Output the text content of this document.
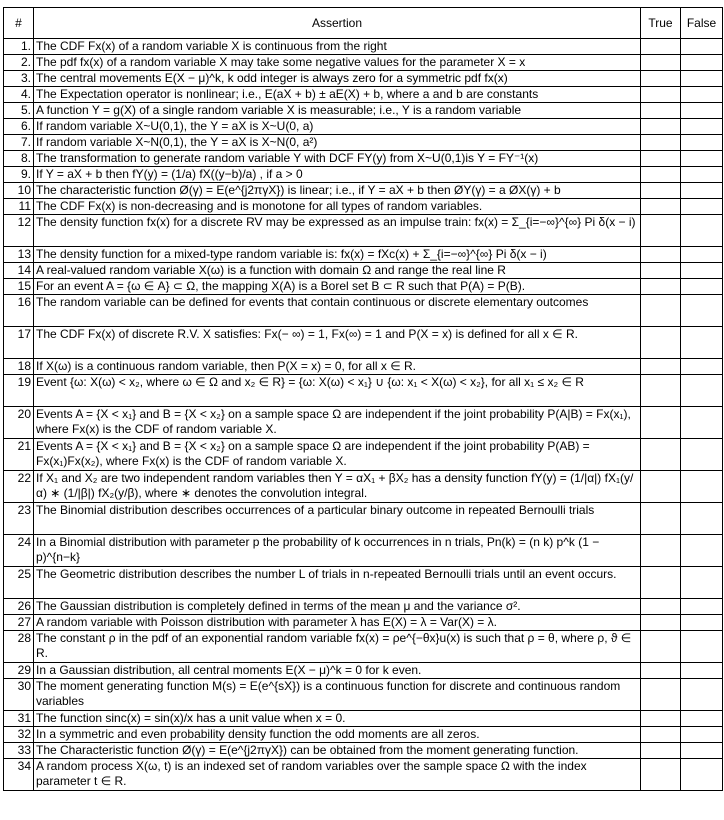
#	Assertion	True	False
1.	The CDF Fx(x) of a random variable X is continuous from the right		
2.	The pdf fx(x) of a random variable X may take some negative values for the parameter X = x		
3.	The central movements E(X − μ)^k, k odd integer is always zero for a symmetric pdf fx(x)		
4.	The Expectation operator is nonlinear; i.e., E(aX + b) ± aE(X) + b, where a and b are constants		
5.	A function Y = g(X) of a single random variable X is measurable; i.e., Y is a random variable		
6.	If random variable X~U(0,1), the Y = aX is X~U(0, a)		
7.	If random variable X~N(0,1), the Y = aX is X~N(0, a²)		
8.	The transformation to generate random variable Y with DCF FY(y) from X~U(0,1)is Y = FY⁻¹(x)		
9.	If Y = aX + b then fY(y) = (1/a) fX((y−b)/a) , if a > 0		
10	The characteristic function Ø(γ) = E(e^{j2πγX}) is linear; i.e., if Y = aX + b then ØY(γ) = a ØX(γ) + b		
11	The CDF Fx(x) is non-decreasing and is monotone for all types of random variables.		
12	The density function fx(x) for a discrete RV may be expressed as an impulse train: fx(x) = Σ_{i=−∞}^{∞} Pi δ(x − i)		
13	The density function for a mixed-type random variable is: fx(x) = fXc(x) + Σ_{i=−∞}^{∞} Pi δ(x − i)		
14	A real-valued random variable X(ω) is a function with domain Ω and range the real line R		
15	For an event A = {ω ∈ A} ⊂ Ω, the mapping X(A) is a Borel set B ⊂ R such that P(A) = P(B).		
16	The random variable can be defined for events that contain continuous or discrete elementary outcomes		
17	The CDF Fx(x) of discrete R.V. X satisfies: Fx(− ∞) = 1, Fx(∞) = 1 and P(X = x) is defined for all x ∈ R.		
18	If X(ω) is a continuous random variable, then P(X = x) = 0, for all x ∈ R.		
19	Event {ω: X(ω) < x₂, where ω ∈ Ω and x₂ ∈ R} = {ω: X(ω) < x₁} ∪ {ω: x₁ < X(ω) < x₂}, for all x₁ ≤ x₂ ∈ R		
20	Events A = {X < x₁} and B = {X < x₂} on a sample space Ω are independent if the joint probability P(A|B) = Fx(x₁), where Fx(x) is the CDF of random variable X.		
21	Events A = {X < x₁} and B = {X < x₂} on a sample space Ω are independent if the joint probability P(AB) = Fx(x₁)Fx(x₂), where Fx(x) is the CDF of random variable X.		
22	If X₁ and X₂ are two independent random variables then Y = αX₁ + βX₂ has a density function fY(y) = (1/|α|) fX₁(y/α) ∗ (1/|β|) fX₂(y/β), where ∗ denotes the convolution integral.		
23	The Binomial distribution describes occurrences of a particular binary outcome in repeated Bernoulli trials		
24	In a Binomial distribution with parameter p the probability of k occurrences in n trials, Pn(k) = (n k) p^k (1 − p)^{n−k}		
25	The Geometric distribution describes the number L of trials in n-repeated Bernoulli trials until an event occurs.		
26	The Gaussian distribution is completely defined in terms of the mean μ and the variance σ².		
27	A random variable with Poisson distribution with parameter λ has E(X) = λ = Var(X) = λ.		
28	The constant ρ in the pdf of an exponential random variable fx(x) = ρe^{−θx}u(x) is such that ρ = θ, where ρ, ϑ ∈ R.		
29	In a Gaussian distribution, all central moments E(X − μ)^k = 0 for k even.		
30	The moment generating function M(s) = E(e^{sX}) is a continuous function for discrete and continuous random variables		
31	The function sinc(x) = sin(x)/x has a unit value when x = 0.		
32	In a symmetric and even probability density function the odd moments are all zeros.		
33	The Characteristic function Ø(γ) = E(e^{j2πγX}) can be obtained from the moment generating function.		
34	A random process X(ω, t) is an indexed set of random variables over the sample space Ω with the index parameter t ∈ R.		
